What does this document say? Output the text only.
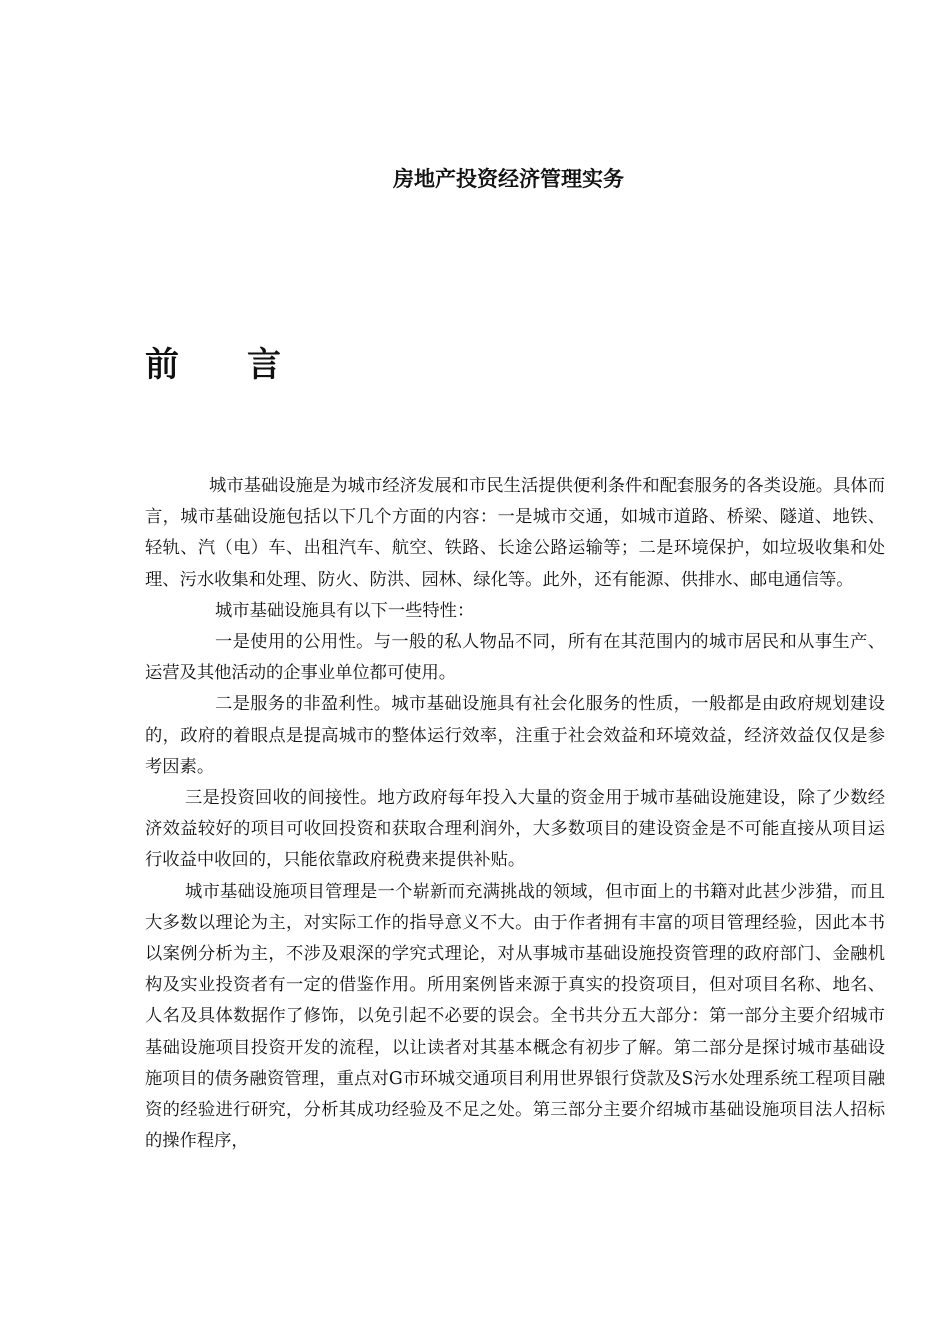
房地产投资经济管理实务
前　　言

城市基础设施是为城市经济发展和市民生活提供便利条件和配套服务的各类设施。具体而言，城市基础设施包括以下几个方面的内容：一是城市交通，如城市道路、桥梁、隧道、地铁、轻轨、汽（电）车、出租汽车、航空、铁路、长途公路运输等；二是环境保护，如垃圾收集和处理、污水收集和处理、防火、防洪、园林、绿化等。此外，还有能源、供排水、邮电通信等。

城市基础设施具有以下一些特性：

一是使用的公用性。与一般的私人物品不同，所有在其范围内的城市居民和从事生产、运营及其他活动的企事业单位都可使用。

二是服务的非盈利性。城市基础设施具有社会化服务的性质，一般都是由政府规划建设的，政府的着眼点是提高城市的整体运行效率，注重于社会效益和环境效益，经济效益仅仅是参考因素。

三是投资回收的间接性。地方政府每年投入大量的资金用于城市基础设施建设，除了少数经济效益较好的项目可收回投资和获取合理利润外，大多数项目的建设资金是不可能直接从项目运行收益中收回的，只能依靠政府税费来提供补贴。

城市基础设施项目管理是一个崭新而充满挑战的领域，但市面上的书籍对此甚少涉猎，而且大多数以理论为主，对实际工作的指导意义不大。由于作者拥有丰富的项目管理经验，因此本书以案例分析为主，不涉及艰深的学究式理论，对从事城市基础设施投资管理的政府部门、金融机构及实业投资者有一定的借鉴作用。所用案例皆来源于真实的投资项目，但对项目名称、地名、人名及具体数据作了修饰，以免引起不必要的误会。全书共分五大部分：第一部分主要介绍城市基础设施项目投资开发的流程，以让读者对其基本概念有初步了解。第二部分是探讨城市基础设施项目的债务融资管理，重点对G市环城交通项目利用世界银行贷款及S污水处理系统工程项目融资的经验进行研究，分析其成功经验及不足之处。第三部分主要介绍城市基础设施项目法人招标的操作程序，
